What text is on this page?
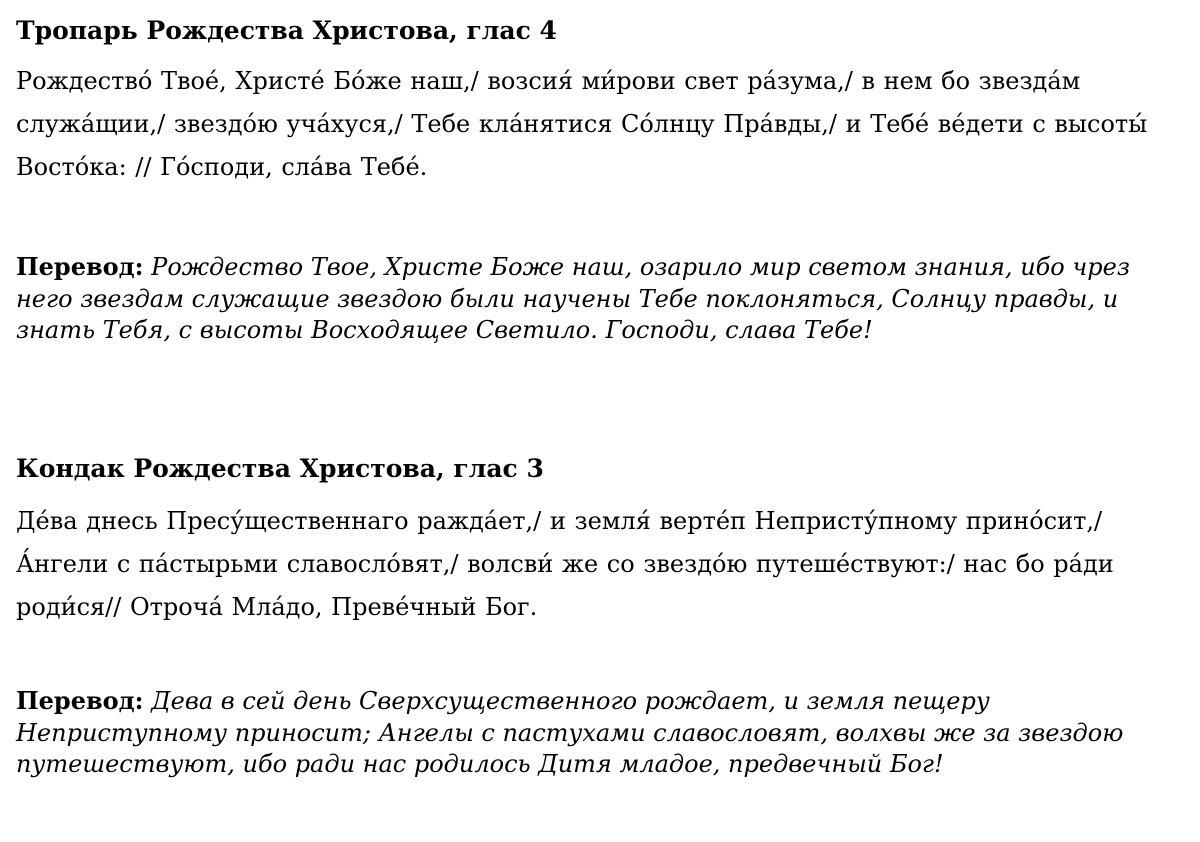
Тропарь Рождества Христова, глас 4

Рождество́ Твое́, Христе́ Бо́же наш,/ возсия́ ми́рови свет ра́зума,/ в нем бо звезда́м служа́щии,/ звездо́ю уча́хуся,/ Тебе кла́нятися Со́лнцу Пра́вды,/ и Тебе́ ве́дети с высоты́ Восто́ка: // Го́споди, сла́ва Тебе́.

Перевод: Рождество Твое, Христе Боже наш, озарило мир светом знания, ибо чрез него звездам служащие звездою были научены Тебе поклоняться, Солнцу правды, и знать Тебя, с высоты Восходящее Светило. Господи, слава Тебе!

Кондак Рождества Христова, глас 3

Де́ва днесь Пресу́щественнаго ражда́ет,/ и земля́ верте́п Непристу́пному прино́сит,/ А́нгели с па́стырьми славосло́вят,/ волсви́ же со звездо́ю путеше́ствуют:/ нас бо ра́ди роди́ся// Отроча́ Мла́до, Преве́чный Бог.

Перевод: Дева в сей день Сверхсущественного рождает, и земля пещеру Неприступному приносит; Ангелы с пастухами славословят, волхвы же за звездою путешествуют, ибо ради нас родилось Дитя младое, предвечный Бог!
